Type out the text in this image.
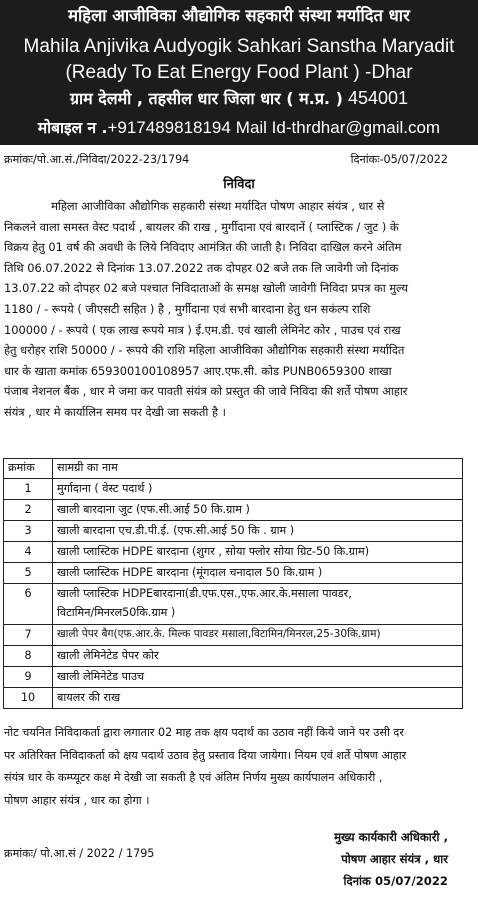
महिला आजीविका औद्योगिक सहकारी संस्था मर्यादित धार
Mahila Anjivika Audyogik Sahkari Sanstha Maryadit
(Ready To Eat Energy Food Plant ) -Dhar
ग्राम देलमी , तहसील धार जिला धार ( म.प्र. ) 454001
मोबाइल न .+917489818194 Mail Id-thrdhar@gmail.com
क्रमांकः/पो.आ.सं./निविदा/2022-23/1794	दिनांकः-05/07/2022
निविदा
महिला आजीविका औद्योगिक सहकारी संस्था मर्यादित पोषण आहार संयंत्र , धार से
निकलने वाला समस्त वेस्ट पदार्थ , बायलर की राख , मुर्गीदाना एवं बारदानें ( प्लास्टिक / जुट ) के
विक्रय हेतु 01 वर्ष की अवधी के लिये निविदाए आमंत्रित की जाती है। निविदा दाखिल करने अंतिम
तिथि 06.07.2022 से दिनांक 13.07.2022 तक दोपहर 02 बजे तक लि जावेगी जो दिनांक
13.07.22 को दोपहर 02 बजे पश्चात निविदाताओं के समक्ष खोली जावेगी निविदा प्रपत्र का मुल्य
1180 / - रूपये ( जीएसटी सहित ) है , मुर्गीदाना एवं सभी बारदाना हेतु धन सकंल्प राशि
100000 / - रूपये ( एक लाख रूपये मात्र ) ई.एम.डी. एवं खाली लेमिनेट कोर , पाउच एवं राख
हेतु धरोहर राशि 50000 / - रूपये की राशि महिला आजीविका औद्योगिक सहकारी संस्था मर्यादित
धार के खाता कमांक 659300100108957 आए.एफ.सी. कोड PUNB0659300 शाखा
पंजाब नेशनल बैंक , धार मे जमा कर पावती संयंत्र को प्रस्तुत की जावे निविदा की शर्ते पोषण आहार
संयंत्र , धार मे कार्यालिन समय पर देखी जा सकती है ।
क्रमांक	सामग्री का नाम
1	मुर्गादाना ( वेस्ट पदार्थ )
2	खाली बारदाना जुट (एफ.सी.आई 50 कि.ग्राम )
3	खाली बारदाना एच.डी.पी.ई. (एफ.सी.आई 50 कि . ग्राम )
4	खाली प्लास्टिक HDPE बारदाना (शुगर , सोया फ्लोर सोया ग्रिट-50 कि.ग्राम)
5	खाली प्लास्टिक HDPE बारदाना (मूंगदाल चनादाल 50 कि.ग्राम )
6	खाली प्लास्टिक HDPEबारदाना(डी.एफ.एस.,एफ.आर.के.मसाला पावडर,
विटामिन/मिनरल50कि.ग्राम )

7	खाली पेपर बैग(एफ.आर.के. मिल्क पावडर मसाला,विटामिन/मिनरल,25-30कि.ग्राम)
8	खाली लेमिनेटेड पेपर कोर
9	खाली लेमिनेटेड पाउच
10	बायलर की राख
नोट चयनित निविदाकर्ता द्वारा लगातार 02 माह तक क्षय पदार्थ का उठाव नहीं किये जाने पर उसी दर
पर अतिरिक्त निविदाकर्ता को क्षय पदार्थ उठाव हेतु प्रस्ताव दिया जायेगा। नियम एवं शर्ते पोषण आहार
संयंत्र धार के कम्प्यूटर कक्ष मे देखी जा सकती है एवं अंतिम निर्णय मुख्य कार्यपालन अधिकारी ,
पोषण आहार संयंत्र , धार का होगा ।
क्रमांकः/ पो.आ.सं / 2022 / 1795
मुख्य कार्यकारी अधिकारी ,
पोषण आहार संयंत्र , धार
दिनांक 05/07/2022
